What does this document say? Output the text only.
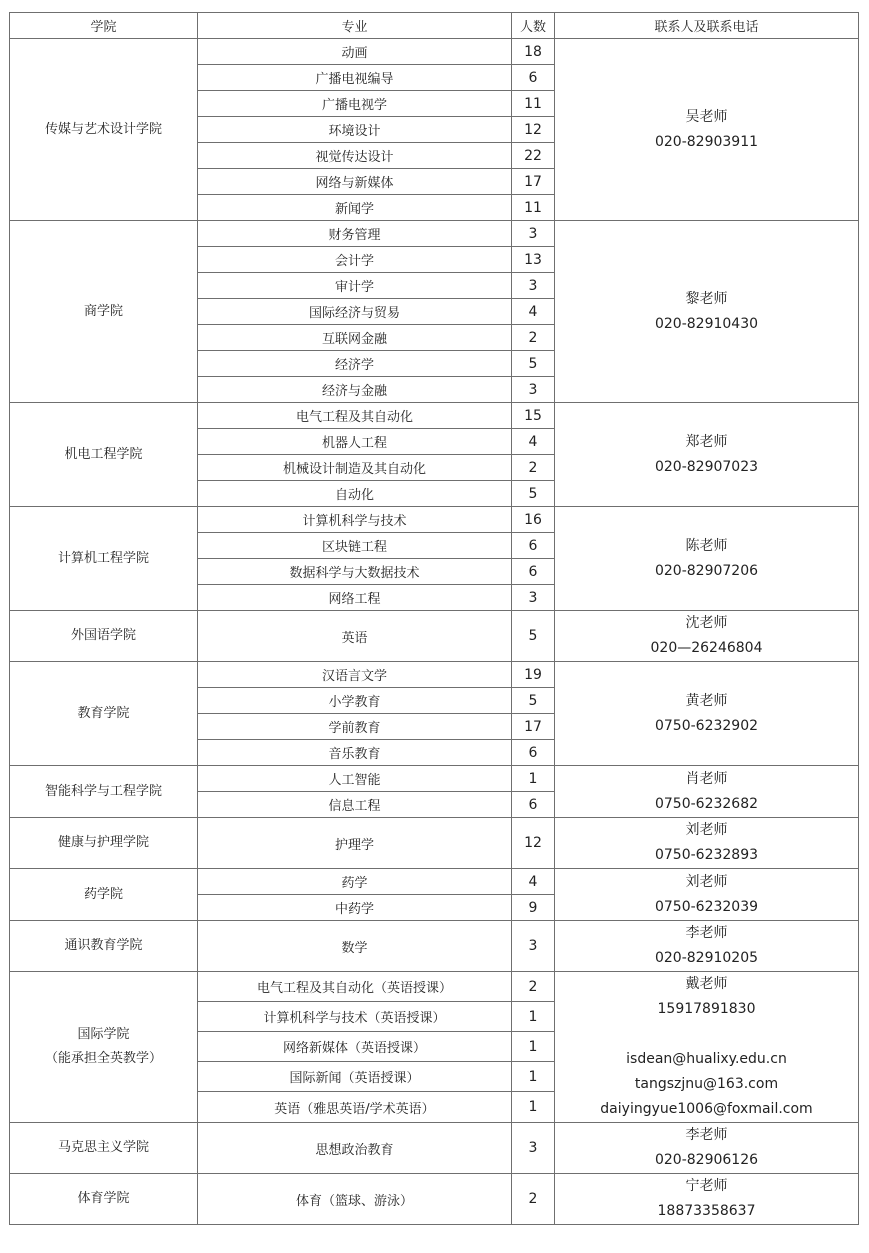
学院	专业	人数	联系人及联系电话

传媒与艺术设计学院	动画	18	吴老师
020-82903911

	广播电视编导	6	
	广播电视学	11	
	环境设计	12	
	视觉传达设计	22	
	网络与新媒体	17	
	新闻学	11	

商学院	财务管理	3	黎老师
020-82910430

	会计学	13	
	审计学	3	
	国际经济与贸易	4	
	互联网金融	2	
	经济学	5	
	经济与金融	3	

机电工程学院	电气工程及其自动化	15	郑老师
020-82907023

	机器人工程	4	
	机械设计制造及其自动化	2	
	自动化	5	

计算机工程学院	计算机科学与技术	16	陈老师
020-82907206

	区块链工程	6	
	数据科学与大数据技术	6	
	网络工程	3	

外国语学院	英语	5	沈老师
020—26246804

教育学院	汉语言文学	19	黄老师
0750-6232902

	小学教育	5	
	学前教育	17	
	音乐教育	6	

智能科学与工程学院	人工智能	1	肖老师
0750-6232682

	信息工程	6	

健康与护理学院	护理学	12	刘老师
0750-6232893

药学院	药学	4	刘老师
0750-6232039

	中药学	9	

通识教育学院	数学	3	李老师
020-82910205

国际学院
（能承担全英教学）	电气工程及其自动化（英语授课）	2	戴老师
15917891830
isdean@hualixy.edu.cn
tangszjnu@163.com
daiyingyue1006@foxmail.com

	计算机科学与技术（英语授课）	1	
	网络新媒体（英语授课）	1	
	国际新闻（英语授课）	1	
	英语（雅思英语/学术英语）	1	

马克思主义学院	思想政治教育	3	李老师
020-82906126

体育学院	体育（篮球、游泳）	2	宁老师
18873358637
